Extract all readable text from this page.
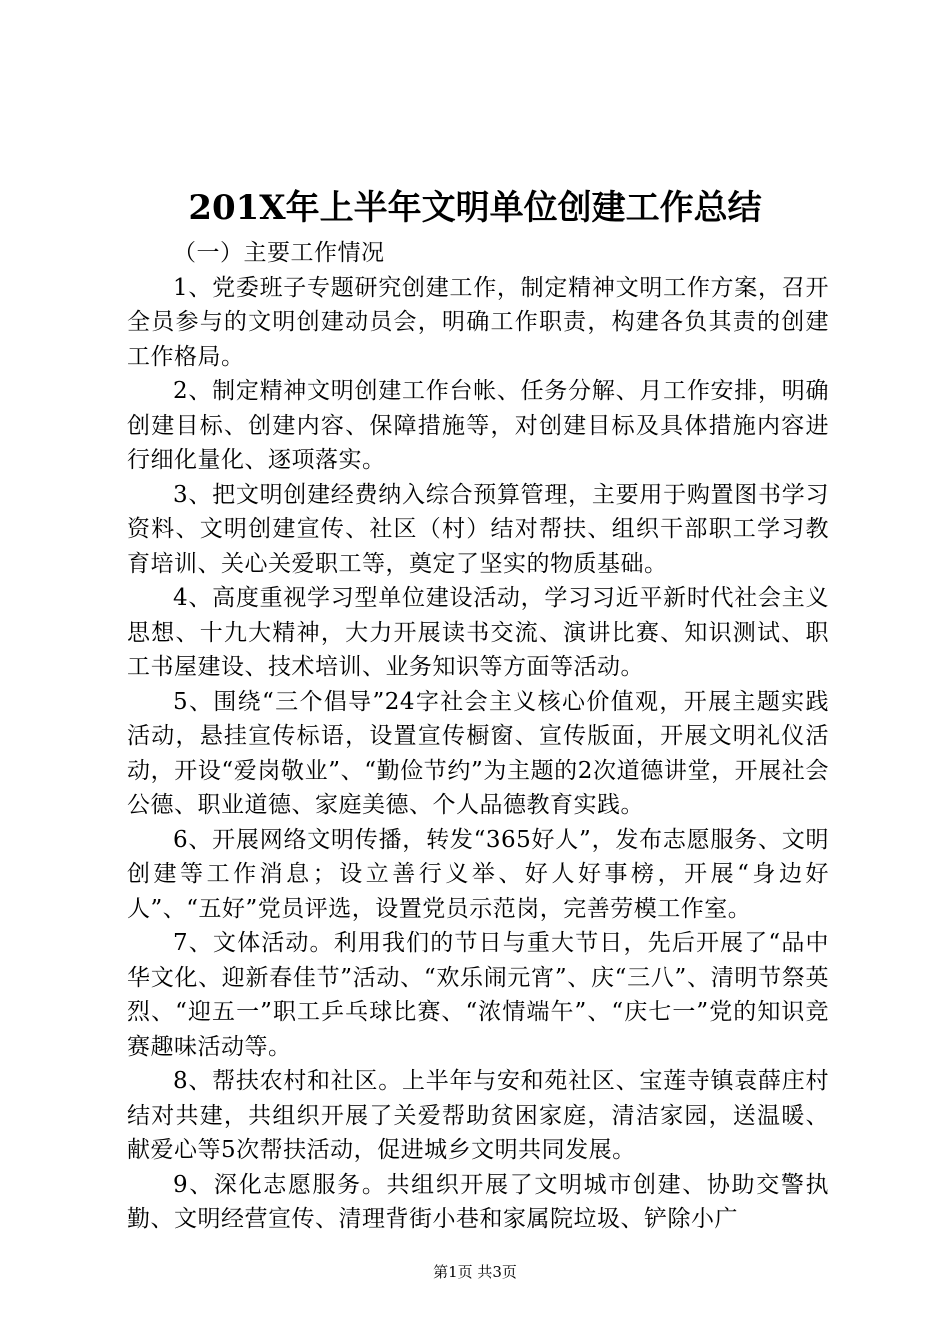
201X年上半年文明单位创建工作总结

（一）主要工作情况

1、党委班子专题研究创建工作，制定精神文明工作方案，召开全员参与的文明创建动员会，明确工作职责，构建各负其责的创建工作格局。

2、制定精神文明创建工作台帐、任务分解、月工作安排，明确创建目标、创建内容、保障措施等，对创建目标及具体措施内容进行细化量化、逐项落实。

3、把文明创建经费纳入综合预算管理，主要用于购置图书学习资料、文明创建宣传、社区（村）结对帮扶、组织干部职工学习教育培训、关心关爱职工等，奠定了坚实的物质基础。

4、高度重视学习型单位建设活动，学习习近平新时代社会主义思想、十九大精神，大力开展读书交流、演讲比赛、知识测试、职工书屋建设、技术培训、业务知识等方面等活动。

5、围绕“三个倡导”24字社会主义核心价值观，开展主题实践活动，悬挂宣传标语，设置宣传橱窗、宣传版面，开展文明礼仪活动，开设“爱岗敬业”、“勤俭节约”为主题的2次道德讲堂，开展社会公德、职业道德、家庭美德、个人品德教育实践。

6、开展网络文明传播，转发“365好人”，发布志愿服务、文明创建等工作消息；设立善行义举、好人好事榜，开展“身边好人”、“五好”党员评选，设置党员示范岗，完善劳模工作室。

7、文体活动。利用我们的节日与重大节日，先后开展了“品中华文化、迎新春佳节”活动、“欢乐闹元宵”、庆“三八”、清明节祭英烈、“迎五一”职工乒乓球比赛、“浓情端午”、“庆七一”党的知识竞赛趣味活动等。

8、帮扶农村和社区。上半年与安和苑社区、宝莲寺镇袁薛庄村结对共建，共组织开展了关爱帮助贫困家庭，清洁家园，送温暖、献爱心等5次帮扶活动，促进城乡文明共同发展。

9、深化志愿服务。共组织开展了文明城市创建、协助交警执勤、文明经营宣传、清理背街小巷和家属院垃圾、铲除小广

第1页 共3页
